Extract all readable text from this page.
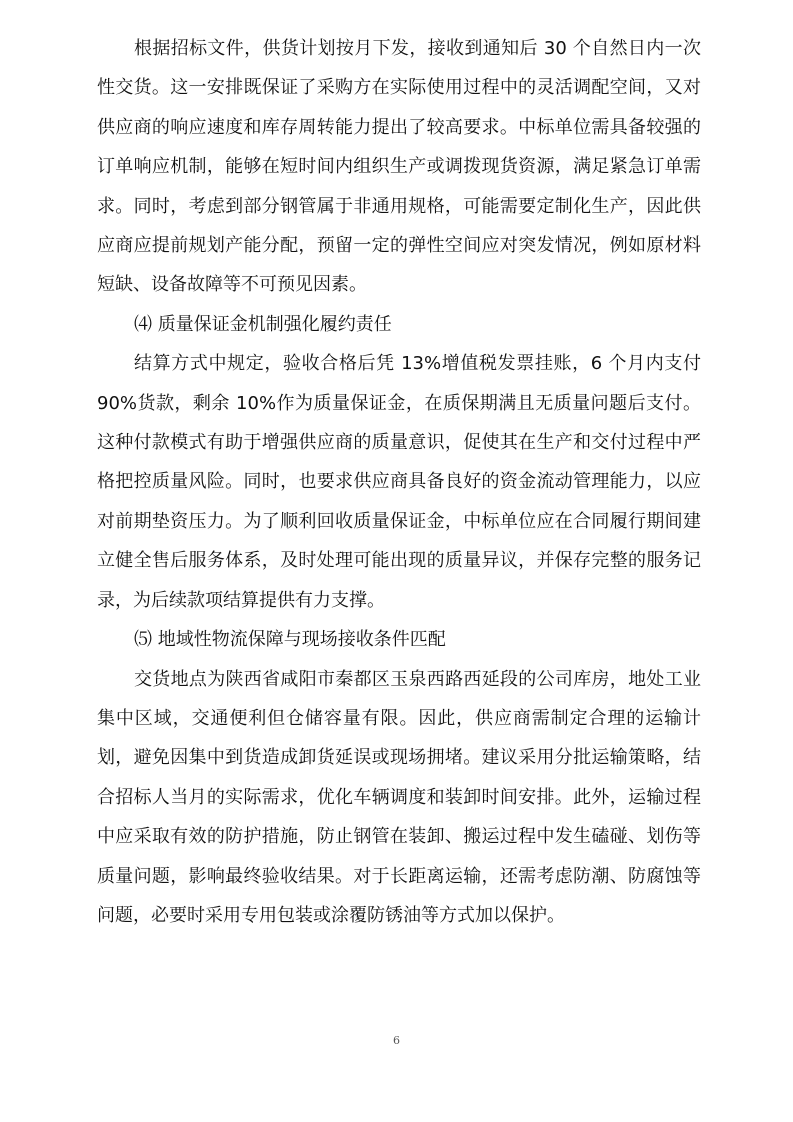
根据招标文件，供货计划按月下发，接收到通知后 30 个自然日内一次性交货。这一安排既保证了采购方在实际使用过程中的灵活调配空间，又对供应商的响应速度和库存周转能力提出了较高要求。中标单位需具备较强的订单响应机制，能够在短时间内组织生产或调拨现货资源，满足紧急订单需求。同时，考虑到部分钢管属于非通用规格，可能需要定制化生产，因此供应商应提前规划产能分配，预留一定的弹性空间应对突发情况，例如原材料短缺、设备故障等不可预见因素。

⑷ 质量保证金机制强化履约责任

结算方式中规定，验收合格后凭 13%增值税发票挂账，6 个月内支付 90%货款，剩余 10%作为质量保证金，在质保期满且无质量问题后支付。这种付款模式有助于增强供应商的质量意识，促使其在生产和交付过程中严格把控质量风险。同时，也要求供应商具备良好的资金流动管理能力，以应对前期垫资压力。为了顺利回收质量保证金，中标单位应在合同履行期间建立健全售后服务体系，及时处理可能出现的质量异议，并保存完整的服务记录，为后续款项结算提供有力支撑。

⑸ 地域性物流保障与现场接收条件匹配

交货地点为陕西省咸阳市秦都区玉泉西路西延段的公司库房，地处工业集中区域，交通便利但仓储容量有限。因此，供应商需制定合理的运输计划，避免因集中到货造成卸货延误或现场拥堵。建议采用分批运输策略，结合招标人当月的实际需求，优化车辆调度和装卸时间安排。此外，运输过程中应采取有效的防护措施，防止钢管在装卸、搬运过程中发生磕碰、划伤等质量问题，影响最终验收结果。对于长距离运输，还需考虑防潮、防腐蚀等问题，必要时采用专用包装或涂覆防锈油等方式加以保护。

6
